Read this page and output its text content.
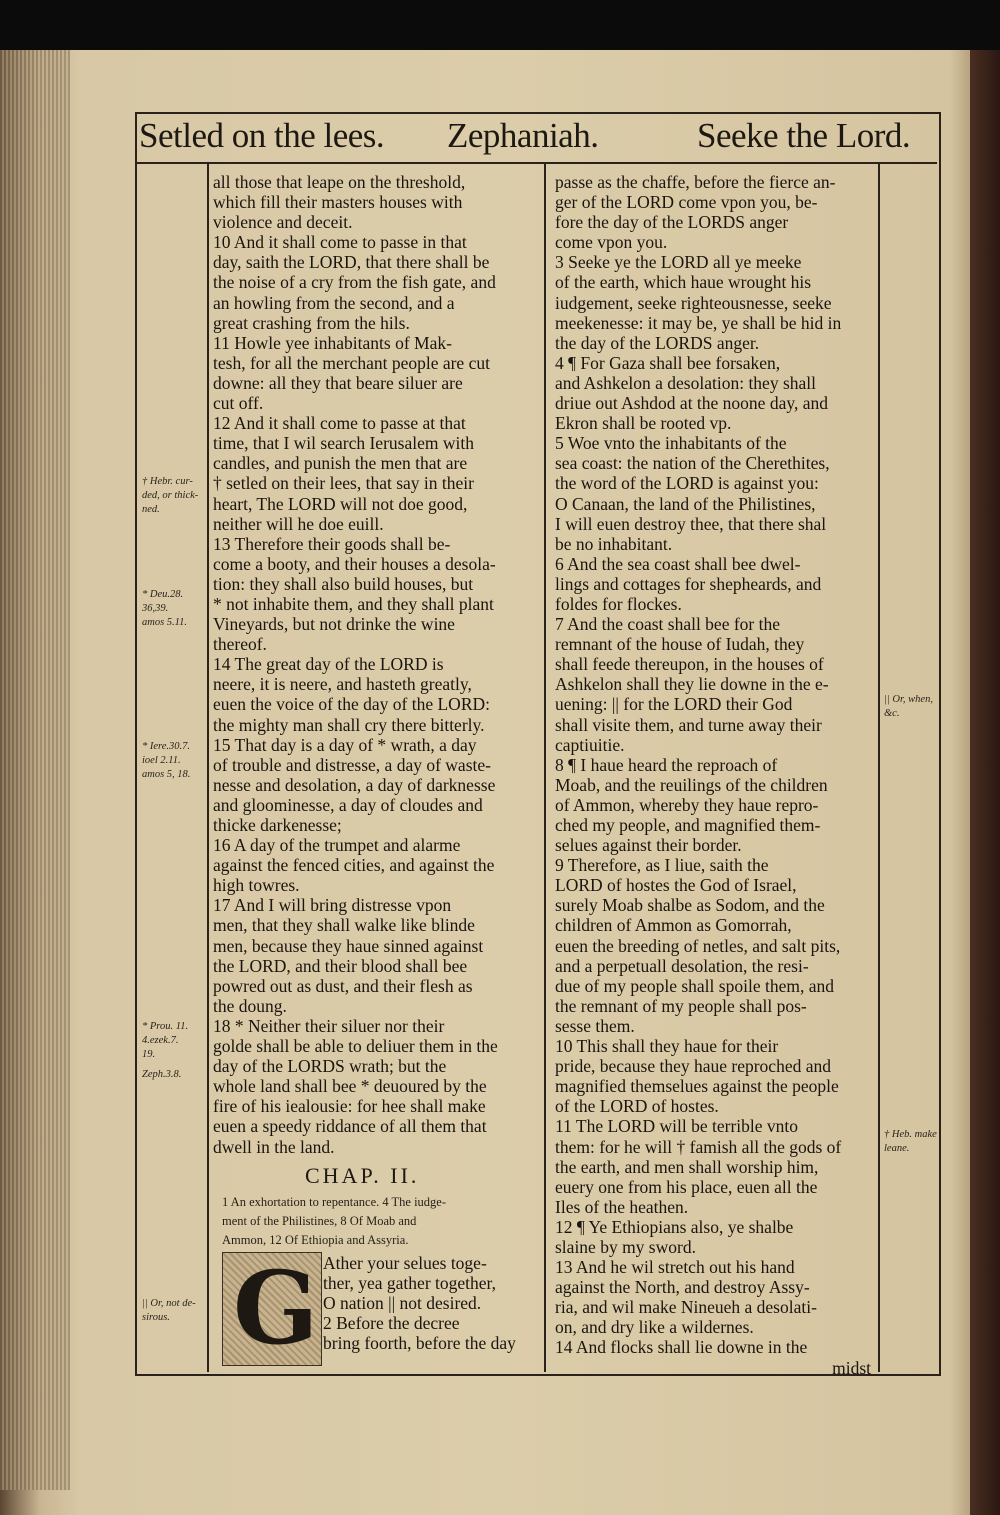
Setled on the lees. Zephaniah.	Seeke the Lord.
† Hebr. cur-
ded, or thick-
ned.
* Deu.28.
36,39.
amos 5.11.
* Iere.30.7.
ioel 2.11.
amos 5, 18.
* Prou. 11.
4.ezek.7.
19.
Zeph.3.8.
|| Or, not de-
sirous.
|| Or, when,
&c.
† Heb. make
leane.

all those that leape on the threshold,

which fill their masters houses with

violence and deceit.

10 And it shall come to passe in that

day, saith the LORD, that there shall be

the noise of a cry from the fish gate, and

an howling from the second, and a

great crashing from the hils.

11 Howle yee inhabitants of Mak-

tesh, for all the merchant people are cut

downe: all they that beare siluer are

cut off.

12 And it shall come to passe at that

time, that I wil search Ierusalem with

candles, and punish the men that are

† setled on their lees, that say in their

heart, The LORD will not doe good,

neither will he doe euill.

13 Therefore their goods shall be-

come a booty, and their houses a desola-

tion: they shall also build houses, but

* not inhabite them, and they shall plant

Vineyards, but not drinke the wine

thereof.

14 The great day of the LORD is

neere, it is neere, and hasteth greatly,

euen the voice of the day of the LORD:

the mighty man shall cry there bitterly.

15 That day is a day of * wrath, a day

of trouble and distresse, a day of waste-

nesse and desolation, a day of darknesse

and gloominesse, a day of cloudes and

thicke darkenesse;

16 A day of the trumpet and alarme

against the fenced cities, and against the

high towres.

17 And I will bring distresse vpon

men, that they shall walke like blinde

men, because they haue sinned against

the LORD, and their blood shall bee

powred out as dust, and their flesh as

the doung.

18 * Neither their siluer nor their

golde shall be able to deliuer them in the

day of the LORDS wrath; but the

whole land shall bee * deuoured by the

fire of his iealousie: for hee shall make

euen a speedy riddance of all them that

dwell in the land.

CHAP. II.

1 An exhortation to repentance. 4 The iudge-

ment of the Philistines, 8 Of Moab and

Ammon, 12 Of Ethiopia and Assyria.

G Ather your selues toge-

ther, yea gather together,

O nation || not desired.

2 Before the decree

bring foorth, before the day

passe as the chaffe, before the fierce an-

ger of the LORD come vpon you, be-

fore the day of the LORDS anger

come vpon you.

3 Seeke ye the LORD all ye meeke

of the earth, which haue wrought his

iudgement, seeke righteousnesse, seeke

meekenesse: it may be, ye shall be hid in

the day of the LORDS anger.

4 ¶ For Gaza shall bee forsaken,

and Ashkelon a desolation: they shall

driue out Ashdod at the noone day, and

Ekron shall be rooted vp.

5 Woe vnto the inhabitants of the

sea coast: the nation of the Cherethites,

the word of the LORD is against you:

O Canaan, the land of the Philistines,

I will euen destroy thee, that there shal

be no inhabitant.

6 And the sea coast shall bee dwel-

lings and cottages for shepheards, and

foldes for flockes.

7 And the coast shall bee for the

remnant of the house of Iudah, they

shall feede thereupon, in the houses of

Ashkelon shall they lie downe in the e-

uening: || for the LORD their God

shall visite them, and turne away their

captiuitie.

8 ¶ I haue heard the reproach of

Moab, and the reuilings of the children

of Ammon, whereby they haue repro-

ched my people, and magnified them-

selues against their border.

9 Therefore, as I liue, saith the

LORD of hostes the God of Israel,

surely Moab shalbe as Sodom, and the

children of Ammon as Gomorrah,

euen the breeding of netles, and salt pits,

and a perpetuall desolation, the resi-

due of my people shall spoile them, and

the remnant of my people shall pos-

sesse them.

10 This shall they haue for their

pride, because they haue reproched and

magnified themselues against the people

of the LORD of hostes.

11 The LORD will be terrible vnto

them: for he will † famish all the gods of

the earth, and men shall worship him,

euery one from his place, euen all the

Iles of the heathen.

12 ¶ Ye Ethiopians also, ye shalbe

slaine by my sword.

13 And he wil stretch out his hand

against the North, and destroy Assy-

ria, and wil make Nineueh a desolati-

on, and dry like a wildernes.

14 And flocks shall lie downe in the

midst
